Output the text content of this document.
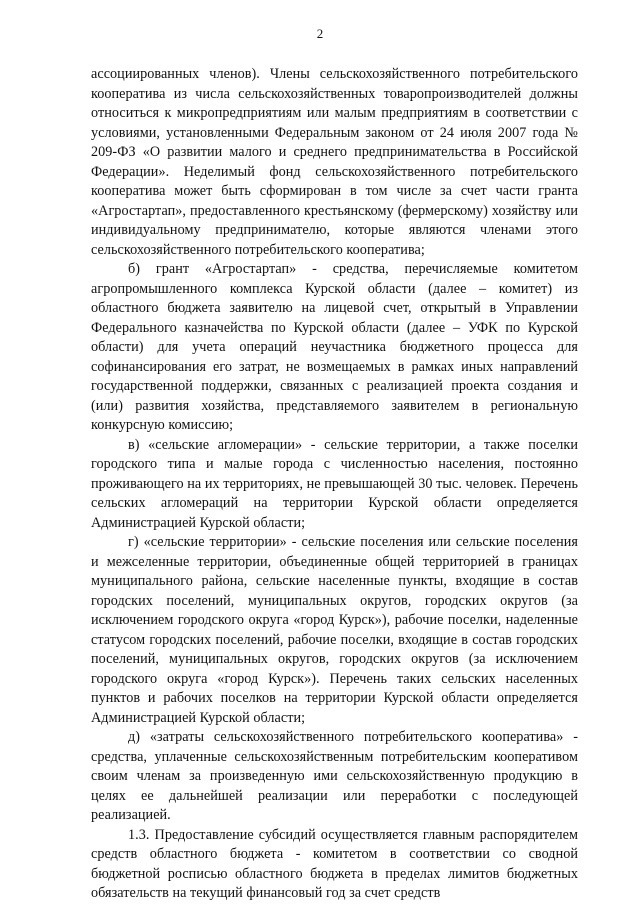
2

ассоциированных членов). Члены сельскохозяйственного потребительского кооператива из числа сельскохозяйственных товаропроизводителей должны относиться к микропредприятиям или малым предприятиям в соответствии с условиями, установленными Федеральным законом от 24 июля 2007 года № 209-ФЗ «О развитии малого и среднего предпринимательства в Российской Федерации». Неделимый фонд сельскохозяйственного потребительского кооператива может быть сформирован в том числе за счет части гранта «Агростартап», предоставленного крестьянскому (фермерскому) хозяйству или индивидуальному предпринимателю, которые являются членами этого сельскохозяйственного потребительского кооператива;

б) грант «Агростартап» - средства, перечисляемые комитетом агропромышленного комплекса Курской области (далее – комитет) из областного бюджета заявителю на лицевой счет, открытый в Управлении Федерального казначейства по Курской области (далее – УФК по Курской области) для учета операций неучастника бюджетного процесса для софинансирования его затрат, не возмещаемых в рамках иных направлений государственной поддержки, связанных с реализацией проекта создания и (или) развития хозяйства, представляемого заявителем в региональную конкурсную комиссию;

в) «сельские агломерации» - сельские территории, а также поселки городского типа и малые города с численностью населения, постоянно проживающего на их территориях, не превышающей 30 тыс. человек. Перечень сельских агломераций на территории Курской области определяется Администрацией Курской области;

г) «сельские территории» - сельские поселения или сельские поселения и межселенные территории, объединенные общей территорией в границах муниципального района, сельские населенные пункты, входящие в состав городских поселений, муниципальных округов, городских округов (за исключением городского округа «город Курск»), рабочие поселки, наделенные статусом городских поселений, рабочие поселки, входящие в состав городских поселений, муниципальных округов, городских округов (за исключением городского округа «город Курск»). Перечень таких сельских населенных пунктов и рабочих поселков на территории Курской области определяется Администрацией Курской области;

д) «затраты сельскохозяйственного потребительского кооператива» - средства, уплаченные сельскохозяйственным потребительским кооперативом своим членам за произведенную ими сельскохозяйственную продукцию в целях ее дальнейшей реализации или переработки с последующей реализацией.

1.3. Предоставление субсидий осуществляется главным распорядителем средств областного бюджета - комитетом в соответствии со сводной бюджетной росписью областного бюджета в пределах лимитов бюджетных обязательств на текущий финансовый год за счет средств
